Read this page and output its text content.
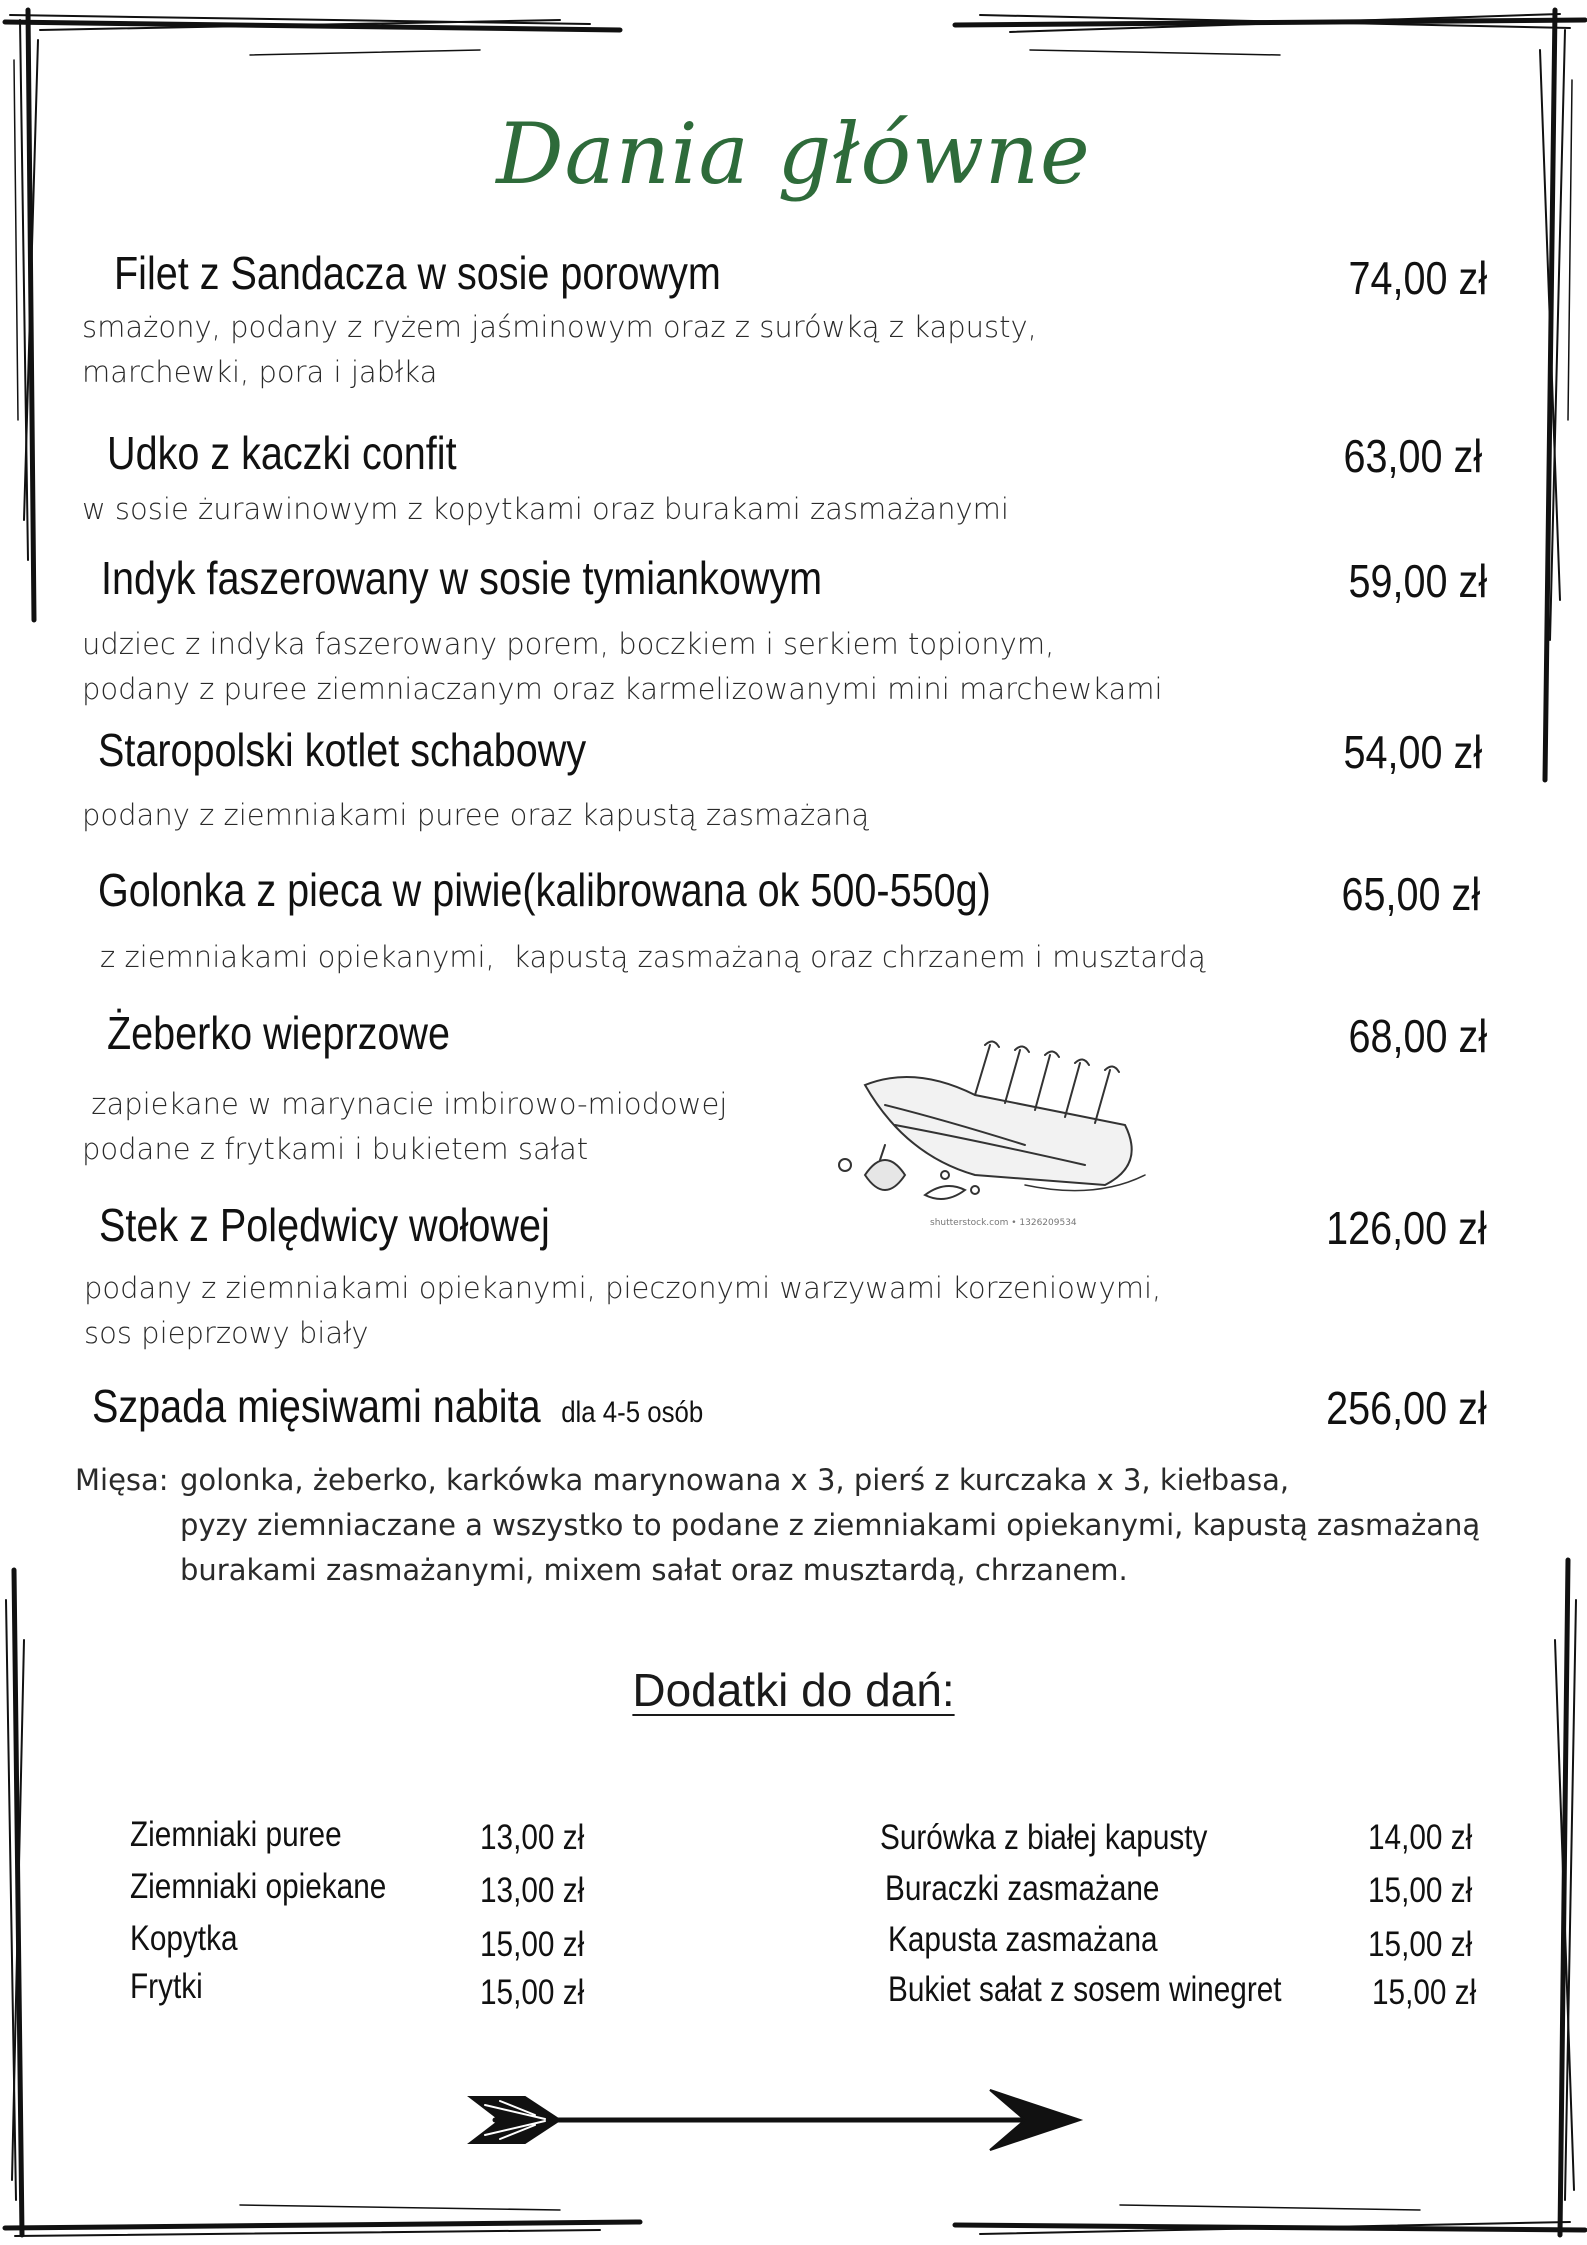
Dania główne
Filet z Sandacza w sosie porowym	74,00 zł
smażony, podany z ryżem jaśminowym oraz z surówką z kapusty,
marchewki, pora i jabłka
Udko z kaczki confit	63,00 zł
w sosie żurawinowym z kopytkami oraz burakami zasmażanymi
Indyk faszerowany w sosie tymiankowym	59,00 zł
udziec z indyka faszerowany porem, boczkiem i serkiem topionym,
podany z puree ziemniaczanym oraz karmelizowanymi mini marchewkami
Staropolski kotlet schabowy	54,00 zł
podany z ziemniakami puree oraz kapustą zasmażaną
Golonka z pieca w piwie(kalibrowana ok 500-550g)	65,00 zł
z ziemniakami opiekanymi,  kapustą zasmażaną oraz chrzanem i musztardą
Żeberko wieprzowe	68,00 zł
zapiekane w marynacie imbirowo-miodowej
podane z frytkami i bukietem sałat
Stek z Polędwicy wołowej	126,00 zł
podany z ziemniakami opiekanymi, pieczonymi warzywami korzeniowymi,
sos pieprzowy biały
Szpada mięsiwami nabita dla 4-5 osób	256,00 zł
Mięsa: golonka, żeberko, karkówka marynowana x 3, pierś z kurczaka x 3, kiełbasa,
pyzy ziemniaczane a wszystko to podane z ziemniakami opiekanymi, kapustą zasmażaną
burakami zasmażanymi, mixem sałat oraz musztardą, chrzanem.
shutterstock.com • 1326209534
Dodatki do dań:
Ziemniaki puree	13,00 zł
Ziemniaki opiekane	13,00 zł
Kopytka	15,00 zł
Frytki	15,00 zł
Surówka z białej kapusty	14,00 zł
Buraczki zasmażane	15,00 zł
Kapusta zasmażana	15,00 zł
Bukiet sałat z sosem winegret	15,00 zł
